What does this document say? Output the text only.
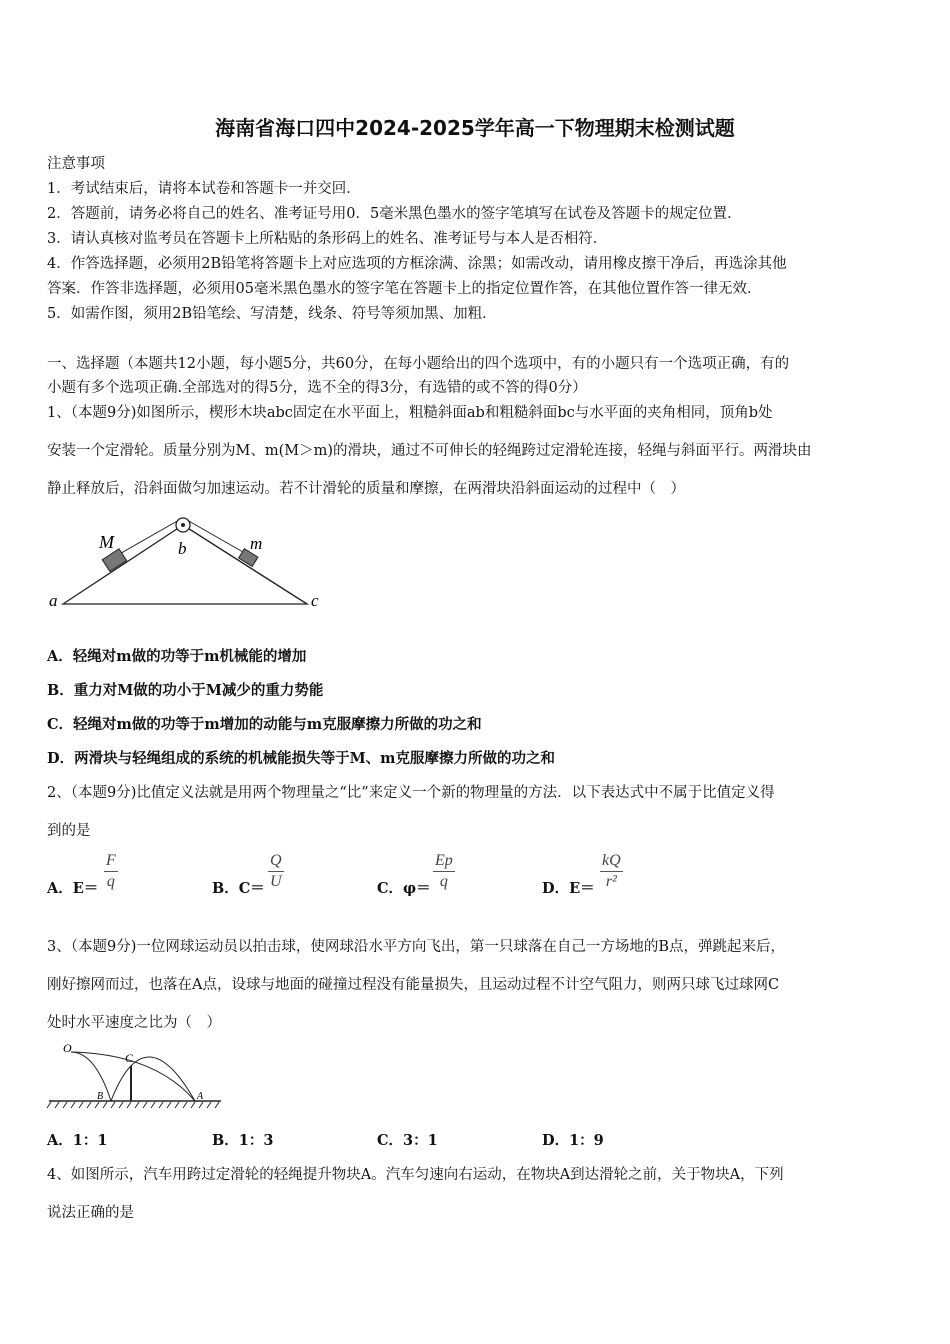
海南省海口四中2024-2025学年高一下物理期末检测试题
注意事项
1．考试结束后，请将本试卷和答题卡一并交回．
2．答题前，请务必将自己的姓名、准考证号用0．5毫米黑色墨水的签字笔填写在试卷及答题卡的规定位置．
3．请认真核对监考员在答题卡上所粘贴的条形码上的姓名、准考证号与本人是否相符．
4．作答选择题，必须用2B铅笔将答题卡上对应选项的方框涂满、涂黑；如需改动，请用橡皮擦干净后，再选涂其他
答案．作答非选择题，必须用05毫米黑色墨水的签字笔在答题卡上的指定位置作答，在其他位置作答一律无效．
5．如需作图，须用2B铅笔绘、写清楚，线条、符号等须加黑、加粗．
一、选择题（本题共12小题，每小题5分，共60分，在每小题给出的四个选项中，有的小题只有一个选项正确，有的
小题有多个选项正确.全部选对的得5分，选不全的得3分，有选错的或不答的得0分）
1、（本题9分)如图所示，楔形木块abc固定在水平面上，粗糙斜面ab和粗糙斜面bc与水平面的夹角相同，顶角b处
安装一个定滑轮。质量分别为M、m(M＞m)的滑块，通过不可伸长的轻绳跨过定滑轮连接，轻绳与斜面平行。两滑块由
静止释放后，沿斜面做匀加速运动。若不计滑轮的质量和摩擦，在两滑块沿斜面运动的过程中（　）
M	b	m
a	c
A．轻绳对m做的功等于m机械能的增加
B．重力对M做的功小于M减少的重力势能
C．轻绳对m做的功等于m增加的动能与m克服摩擦力所做的功之和
D．两滑块与轻绳组成的系统的机械能损失等于M、m克服摩擦力所做的功之和
2、（本题9分)比值定义法就是用两个物理量之“比”来定义一个新的物理量的方法．以下表达式中不属于比值定义得
到的是
A．E＝
F
q	B．C＝
Q
U	C．φ＝
Ep
q	D．E＝
kQ
r²
3、（本题9分)一位网球运动员以拍击球，使网球沿水平方向飞出，第一只球落在自己一方场地的B点，弹跳起来后，
刚好擦网而过，也落在A点，设球与地面的碰撞过程没有能量损失，且运动过程不计空气阻力，则两只球飞过球网C
处时水平速度之比为（　）
O
C
B	A
A．1：1	B．1：3	C．3：1	D．1：9
4、如图所示，汽车用跨过定滑轮的轻绳提升物块A。汽车匀速向右运动，在物块A到达滑轮之前，关于物块A，下列
说法正确的是
